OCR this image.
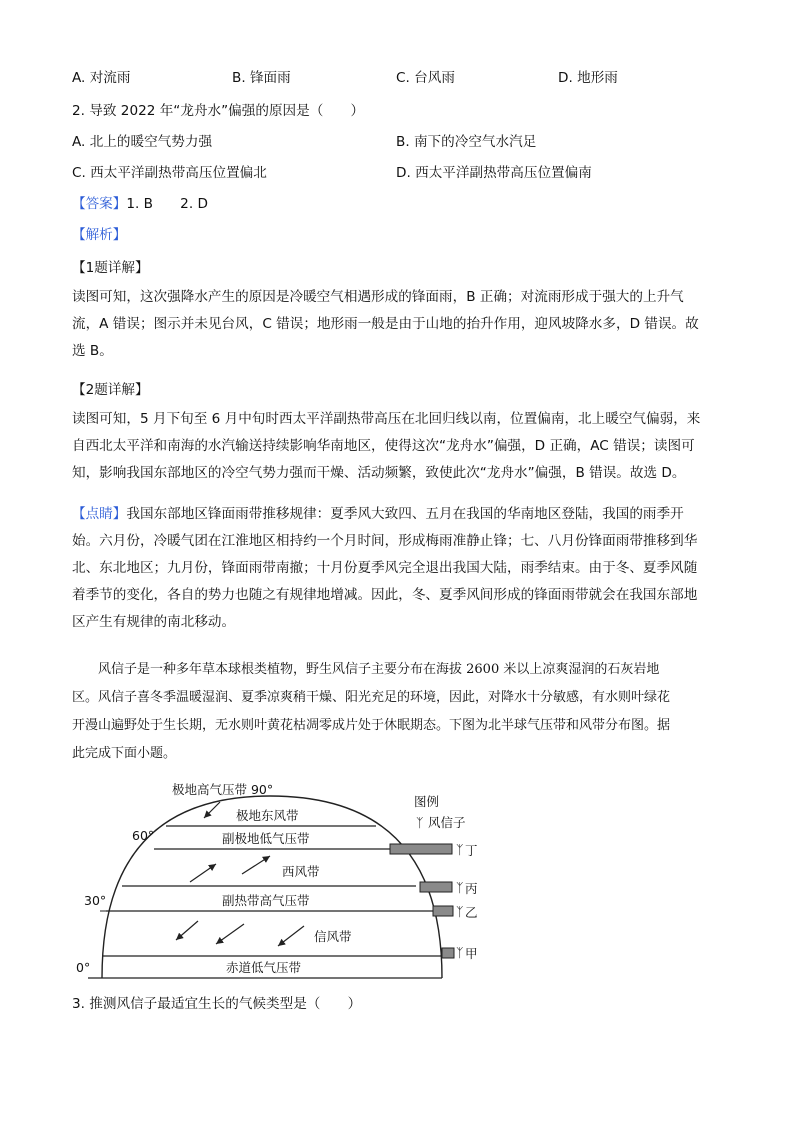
A. 对流雨	B. 锋面雨	C. 台风雨	D. 地形雨
2. 导致 2022 年“龙舟水”偏强的原因是（　　）
A. 北上的暖空气势力强	B. 南下的冷空气水汽足
C. 西太平洋副热带高压位置偏北	D. 西太平洋副热带高压位置偏南
【答案】1. B　　2. D
【解析】
【1题详解】
读图可知，这次强降水产生的原因是冷暖空气相遇形成的锋面雨，B 正确；对流雨形成于强大的上升气
流，A 错误；图示并未见台风，C 错误；地形雨一般是由于山地的抬升作用，迎风坡降水多，D 错误。故
选 B。
【2题详解】
读图可知，5 月下旬至 6 月中旬时西太平洋副热带高压在北回归线以南，位置偏南，北上暖空气偏弱，来
自西北太平洋和南海的水汽输送持续影响华南地区，使得这次“龙舟水”偏强，D 正确，AC 错误；读图可
知，影响我国东部地区的冷空气势力强而干燥、活动频繁，致使此次“龙舟水”偏强，B 错误。故选 D。
【点睛】我国东部地区锋面雨带推移规律：夏季风大致四、五月在我国的华南地区登陆，我国的雨季开
始。六月份，冷暖气团在江淮地区相持约一个月时间，形成梅雨准静止锋；七、八月份锋面雨带推移到华
北、东北地区；九月份，锋面雨带南撤；十月份夏季风完全退出我国大陆，雨季结束。由于冬、夏季风随
着季节的变化，各自的势力也随之有规律地增减。因此，冬、夏季风间形成的锋面雨带就会在我国东部地
区产生有规律的南北移动。
风信子是一种多年草本球根类植物，野生风信子主要分布在海拔 2600 米以上凉爽湿润的石灰岩地
区。风信子喜冬季温暖湿润、夏季凉爽稍干燥、阳光充足的环境，因此，对降水十分敏感，有水则叶绿花
开漫山遍野处于生长期，无水则叶黄花枯凋零成片处于休眠期态。下图为北半球气压带和风带分布图。据
此完成下面小题。
极地高气压带 90°
60°
30°
0°
极地东风带
副极地低气压带
西风带
副热带高气压带
信风带
赤道低气压带
图例
ᛉ 风信子
ᛉ 丁
ᛉ 丙
ᛉ 乙
ᛉ 甲
3. 推测风信子最适宜生长的气候类型是（　　）
